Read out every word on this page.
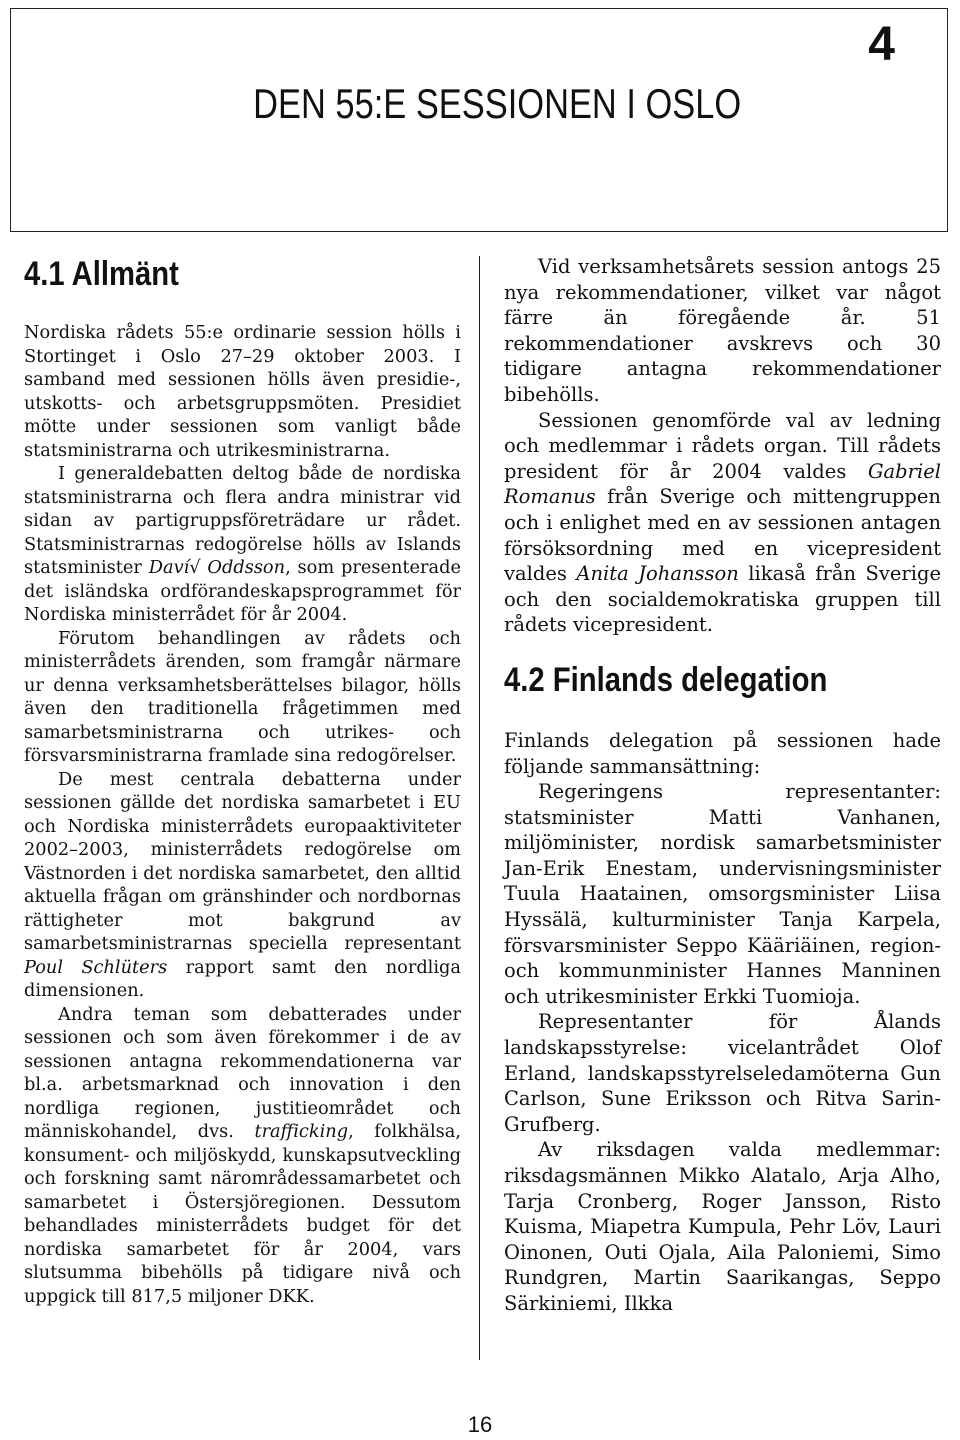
4
DEN 55:E SESSIONEN I OSLO
4.1 Allmänt

Nordiska rådets 55:e ordinarie session hölls i Stortinget i Oslo 27–29 oktober 2003. I samband med sessionen hölls även presidie-, utskotts- och arbetsgruppsmöten. Presidiet mötte under sessionen som vanligt både statsministrarna och utrikesministrarna.

I generaldebatten deltog både de nordiska statsministrarna och flera andra ministrar vid sidan av partigruppsföreträdare ur rådet. Statsministrarnas redogörelse hölls av Islands statsminister Daví√ Oddsson, som presenterade det isländska ordförandeskapsprogrammet för Nordiska ministerrådet för år 2004.

Förutom behandlingen av rådets och ministerrådets ärenden, som framgår närmare ur denna verksamhetsberättelses bilagor, hölls även den traditionella frågetimmen med samarbetsministrarna och utrikes- och försvarsministrarna framlade sina redogörelser.

De mest centrala debatterna under sessionen gällde det nordiska samarbetet i EU och Nordiska ministerrådets europaaktiviteter 2002–2003, ministerrådets redogörelse om Västnorden i det nordiska samarbetet, den alltid aktuella frågan om gränshinder och nordbornas rättigheter mot bakgrund av samarbetsministrarnas speciella representant Poul Schlüters rapport samt den nordliga dimensionen.

Andra teman som debatterades under sessionen och som även förekommer i de av sessionen antagna rekommendationerna var bl.a. arbetsmarknad och innovation i den nordliga regionen, justitieområdet och människohandel, dvs. trafficking, folkhälsa, konsument- och miljöskydd, kunskapsutveckling och forskning samt närområdessamarbetet och samarbetet i Östersjöregionen. Dessutom behandlades ministerrådets budget för det nordiska samarbetet för år 2004, vars slutsumma bibehölls på tidigare nivå och uppgick till 817,5 miljoner DKK.

Vid verksamhetsårets session antogs 25 nya rekommendationer, vilket var något färre än föregående år. 51 rekommendationer avskrevs och 30 tidigare antagna rekommendationer bibehölls.

Sessionen genomförde val av ledning och medlemmar i rådets organ. Till rådets president för år 2004 valdes Gabriel Romanus från Sverige och mittengruppen och i enlighet med en av sessionen antagen försöksordning med en vicepresident valdes Anita Johansson likaså från Sverige och den socialdemokratiska gruppen till rådets vicepresident.

4.2 Finlands delegation

Finlands delegation på sessionen hade följande sammansättning:

Regeringens representanter: statsminister Matti Vanhanen, miljöminister, nordisk samarbetsminister Jan-Erik Enestam, undervisningsminister Tuula Haatainen, omsorgsminister Liisa Hyssälä, kulturminister Tanja Karpela, försvarsminister Seppo Kääriäinen, region- och kommunminister Hannes Manninen och utrikesminister Erkki Tuomioja.

Representanter för Ålands landskapsstyrelse: vicelantrådet Olof Erland, landskapsstyrelseledamöterna Gun Carlson, Sune Eriksson och Ritva Sarin-Grufberg.

Av riksdagen valda medlemmar: riksdagsmännen Mikko Alatalo, Arja Alho, Tarja Cronberg, Roger Jansson, Risto Kuisma, Miapetra Kumpula, Pehr Löv, Lauri Oinonen, Outi Ojala, Aila Paloniemi, Simo Rundgren, Martin Saarikangas, Seppo Särkiniemi, Ilkka

16
